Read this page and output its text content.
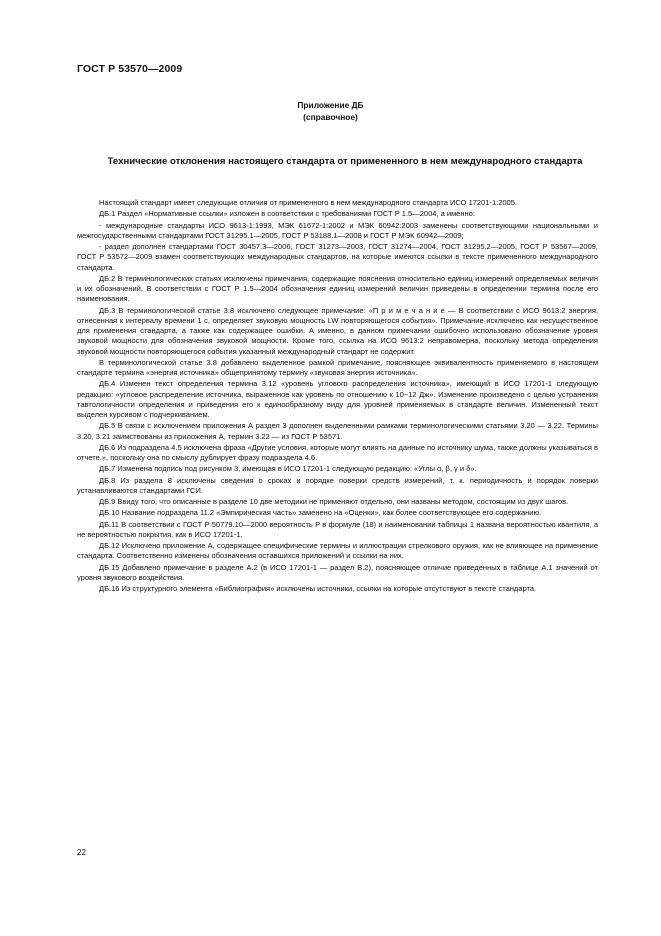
ГОСТ Р 53570—2009
Приложение ДБ
(справочное)
Технические отклонения настоящего стандарта от примененного в нем международного стандарта

Настоящий стандарт имеет следующие отличия от примененного в нем международного стандарта ИСО 17201-1:2005.

ДБ.1 Раздел «Нормативные ссылки» изложен в соответствии с требованиями ГОСТ Р 1.5—2004, а именно:

- международные стандарты ИСО 9613-1:1993, МЭК 61672-1:2002 и МЭК 60942:2003 заменены соответствующими национальными и межгосударственными стандартами ГОСТ 31295.1—2005, ГОСТ Р 53188.1—2008 и ГОСТ Р МЭК 60942—2009;

- раздел дополнен стандартами ГОСТ 30457.3—2006, ГОСТ 31273—2003, ГОСТ 31274—2004, ГОСТ 31295.2—2005, ГОСТ Р 53567—2009, ГОСТ Р 53572—2009 взамен соответствующих международных стандартов, на которые имеются ссылки в тексте примененного международного стандарта.

ДБ.2 В терминологических статьях исключены примечания, содержащие пояснения относительно единиц измерений определяемых величин и их обозначений. В соответствии с ГОСТ Р 1.5—2004 обозначения единиц измерений величин приведены в определении термина после его наименования.

ДБ.3 В терминологической статье 3.8 исключено следующее примечание: «П р и м е ч а н и е — В соответствии с ИСО 9613:2 энергия, отнесенная к интервалу времени 1 с, определяет звуковую мощность LW повторяющегося события». Примечание исключено как несущественное для применения стандарта, а также как содержащее ошибки. А именно, в данном примечании ошибочно использовано обозначение уровня звуковой мощности для обозначения звуковой мощности. Кроме того, ссылка на ИСО 9613:2 неправомерна, поскольку метода определения звуковой мощности повторяющегося события указанный международный стандарт не содержит.

В терминологической статье 3.8 добавлено выделенное рамкой примечание, поясняющее эквивалентность применяемого в настоящем стандарте термина «энергия источника» общепринятому термину «звуковая энергия источника».

ДБ.4 Изменен текст определения термина 3.12 «уровень углового распределения источника», имеющий в ИСО 17201-1 следующую редакцию: «угловое распределение источника, выраженное как уровень по отношению к 10−12 Дж». Изменение произведено с целью устранения тавтологичности определения и приведения его к единообразному виду для уровней применяемых в стандарте величин. Измененный текст выделен курсивом с подчеркиванием.

ДБ.5 В связи с исключением приложения А раздел 3 дополнен выделенными рамками терминологическими статьями 3.20 — 3.22. Термины 3.20, 3.21 заимствованы из приложения А, термин 3.22 — из ГОСТ Р 53571.

ДБ.6 Из подраздела 4.5 исключена фраза «Другие условия, которые могут влиять на данные по источнику шума, также должны указываться в отчете.», поскольку она по смыслу дублирует фразу подраздела 4.6.

ДБ.7 Изменена подпись под рисунком 3, имеющая в ИСО 17201-1 следующую редакцию: «Углы α, β, γ и δ».

ДБ.8 Из раздела 8 исключены сведения о сроках и порядке поверки средств измерений, т. к. периодичность и порядок поверки устанавливаются стандартами ГСИ.

ДБ.9 Ввиду того, что описанные в разделе 10 две методики не применяют отдельно, они названы методом, состоящим из двух шагов.

ДБ.10 Название подраздела 11.2 «Эмпирическая часть» заменено на «Оценки», как более соответствующее его содержанию.

ДБ.11 В соответствии с ГОСТ Р 50779.10—2000 вероятность P в формуле (18) и наименовании таблицы 1 названа вероятностью квантиля, а не вероятностью покрытия, как в ИСО 17201-1.

ДБ.12 Исключено приложение А, содержащее специфические термины и иллюстрации стрелкового оружия, как не влияющее на применение стандарта. Соответственно изменены обозначения оставшихся приложений и ссылки на них.

ДБ.15 Добавлено примечание в разделе А.2 (в ИСО 17201-1 — раздел В.2), поясняющее отличие приведенных в таблице А.1 значений от уровня звукового воздействия.

ДБ.16 Из структурного элемента «Библиография» исключены источники, ссылки на которые отсутствуют в тексте стандарта.

22
